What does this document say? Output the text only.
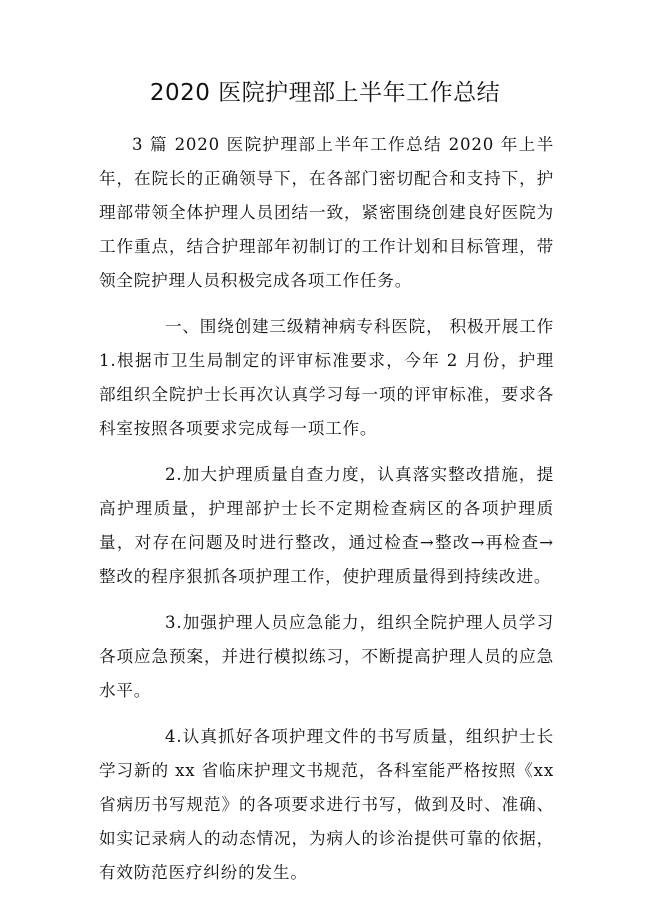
2020 医院护理部上半年工作总结

3 篇 2020 医院护理部上半年工作总结 2020 年上半年，在院长的正确领导下，在各部门密切配合和支持下，护理部带领全体护理人员团结一致，紧密围绕创建良好医院为工作重点，结合护理部年初制订的工作计划和目标管理，带领全院护理人员积极完成各项工作任务。

一、围绕创建三级精神病专科医院， 积极开展工作 1.根据市卫生局制定的评审标准要求，今年 2 月份，护理部组织全院护士长再次认真学习每一项的评审标准，要求各科室按照各项要求完成每一项工作。

2.加大护理质量自查力度，认真落实整改措施，提高护理质量，护理部护士长不定期检查病区的各项护理质量，对存在问题及时进行整改，通过检查→整改→再检查→整改的程序狠抓各项护理工作，使护理质量得到持续改进。

3.加强护理人员应急能力，组织全院护理人员学习各项应急预案，并进行模拟练习，不断提高护理人员的应急水平。

4.认真抓好各项护理文件的书写质量，组织护士长学习新的 xx 省临床护理文书规范，各科室能严格按照《xx 省病历书写规范》的各项要求进行书写，做到及时、准确、如实记录病人的动态情况，为病人的诊治提供可靠的依据，有效防范医疗纠纷的发生。
